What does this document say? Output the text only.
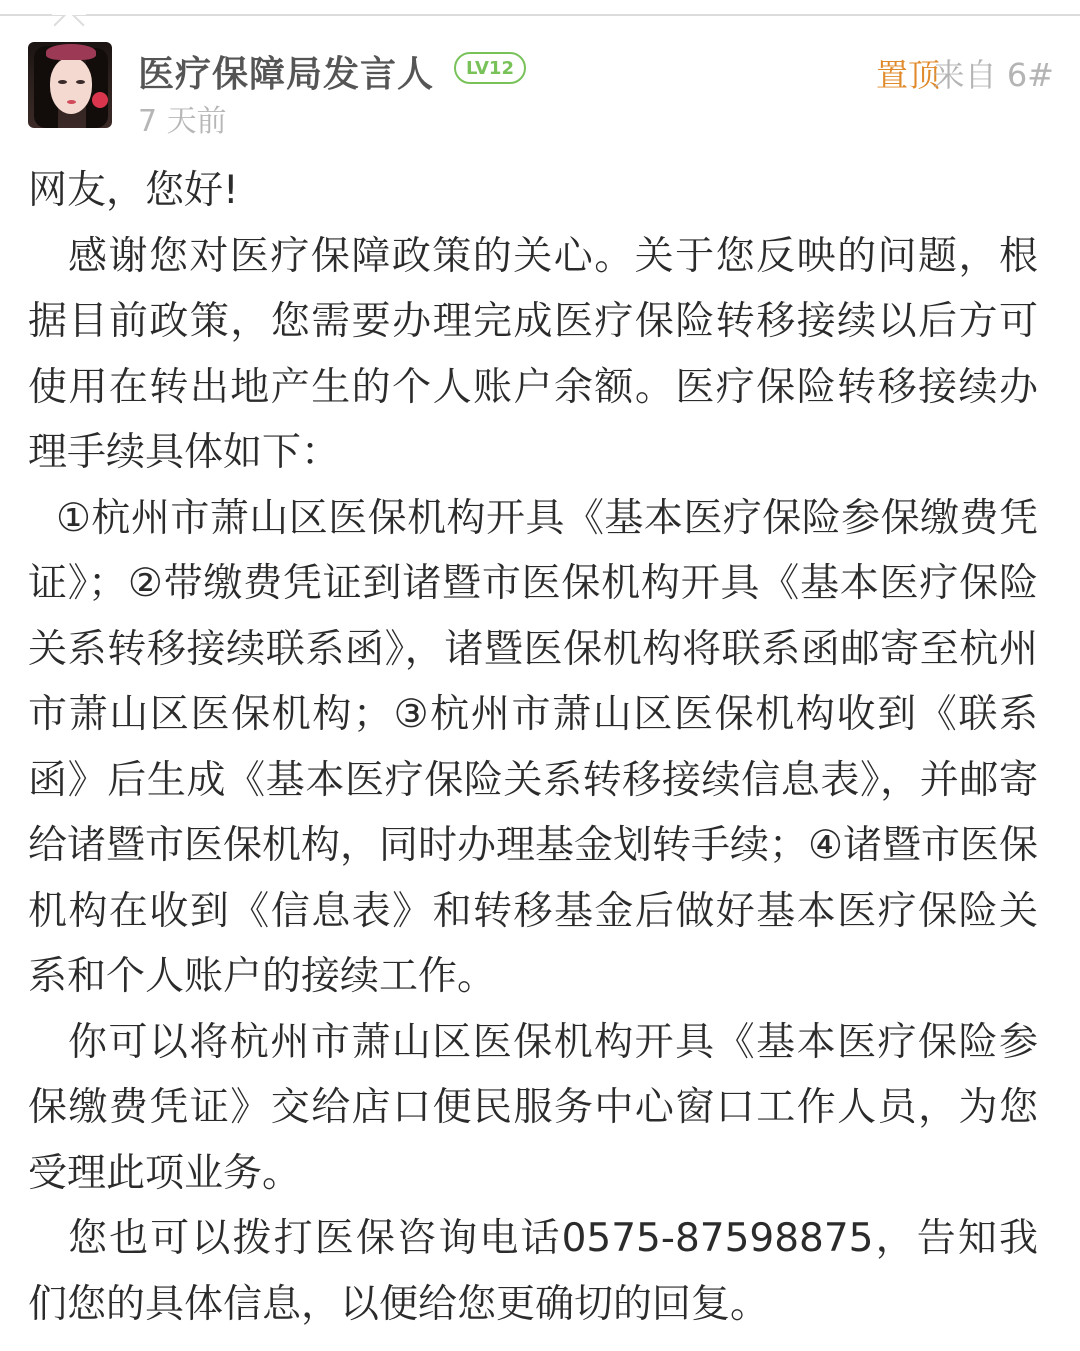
医疗保障局发言人	LV12
7 天前
置顶
来自 6#

网友，您好!

感谢您对医疗保障政策的关心。关于您反映的问题，根据目前政策，您需要办理完成医疗保险转移接续以后方可使用在转出地产生的个人账户余额。医疗保险转移接续办理手续具体如下：

①杭州市萧山区医保机构开具《基本医疗保险参保缴费凭证》；②带缴费凭证到诸暨市医保机构开具《基本医疗保险关系转移接续联系函》，诸暨医保机构将联系函邮寄至杭州市萧山区医保机构；③杭州市萧山区医保机构收到《联系函》后生成《基本医疗保险关系转移接续信息表》，并邮寄给诸暨市医保机构，同时办理基金划转手续；④诸暨市医保机构在收到《信息表》和转移基金后做好基本医疗保险关系和个人账户的接续工作。

你可以将杭州市萧山区医保机构开具《基本医疗保险参保缴费凭证》交给店口便民服务中心窗口工作人员，为您受理此项业务。

您也可以拨打医保咨询电话0575-87598875，告知我们您的具体信息，以便给您更确切的回复。
